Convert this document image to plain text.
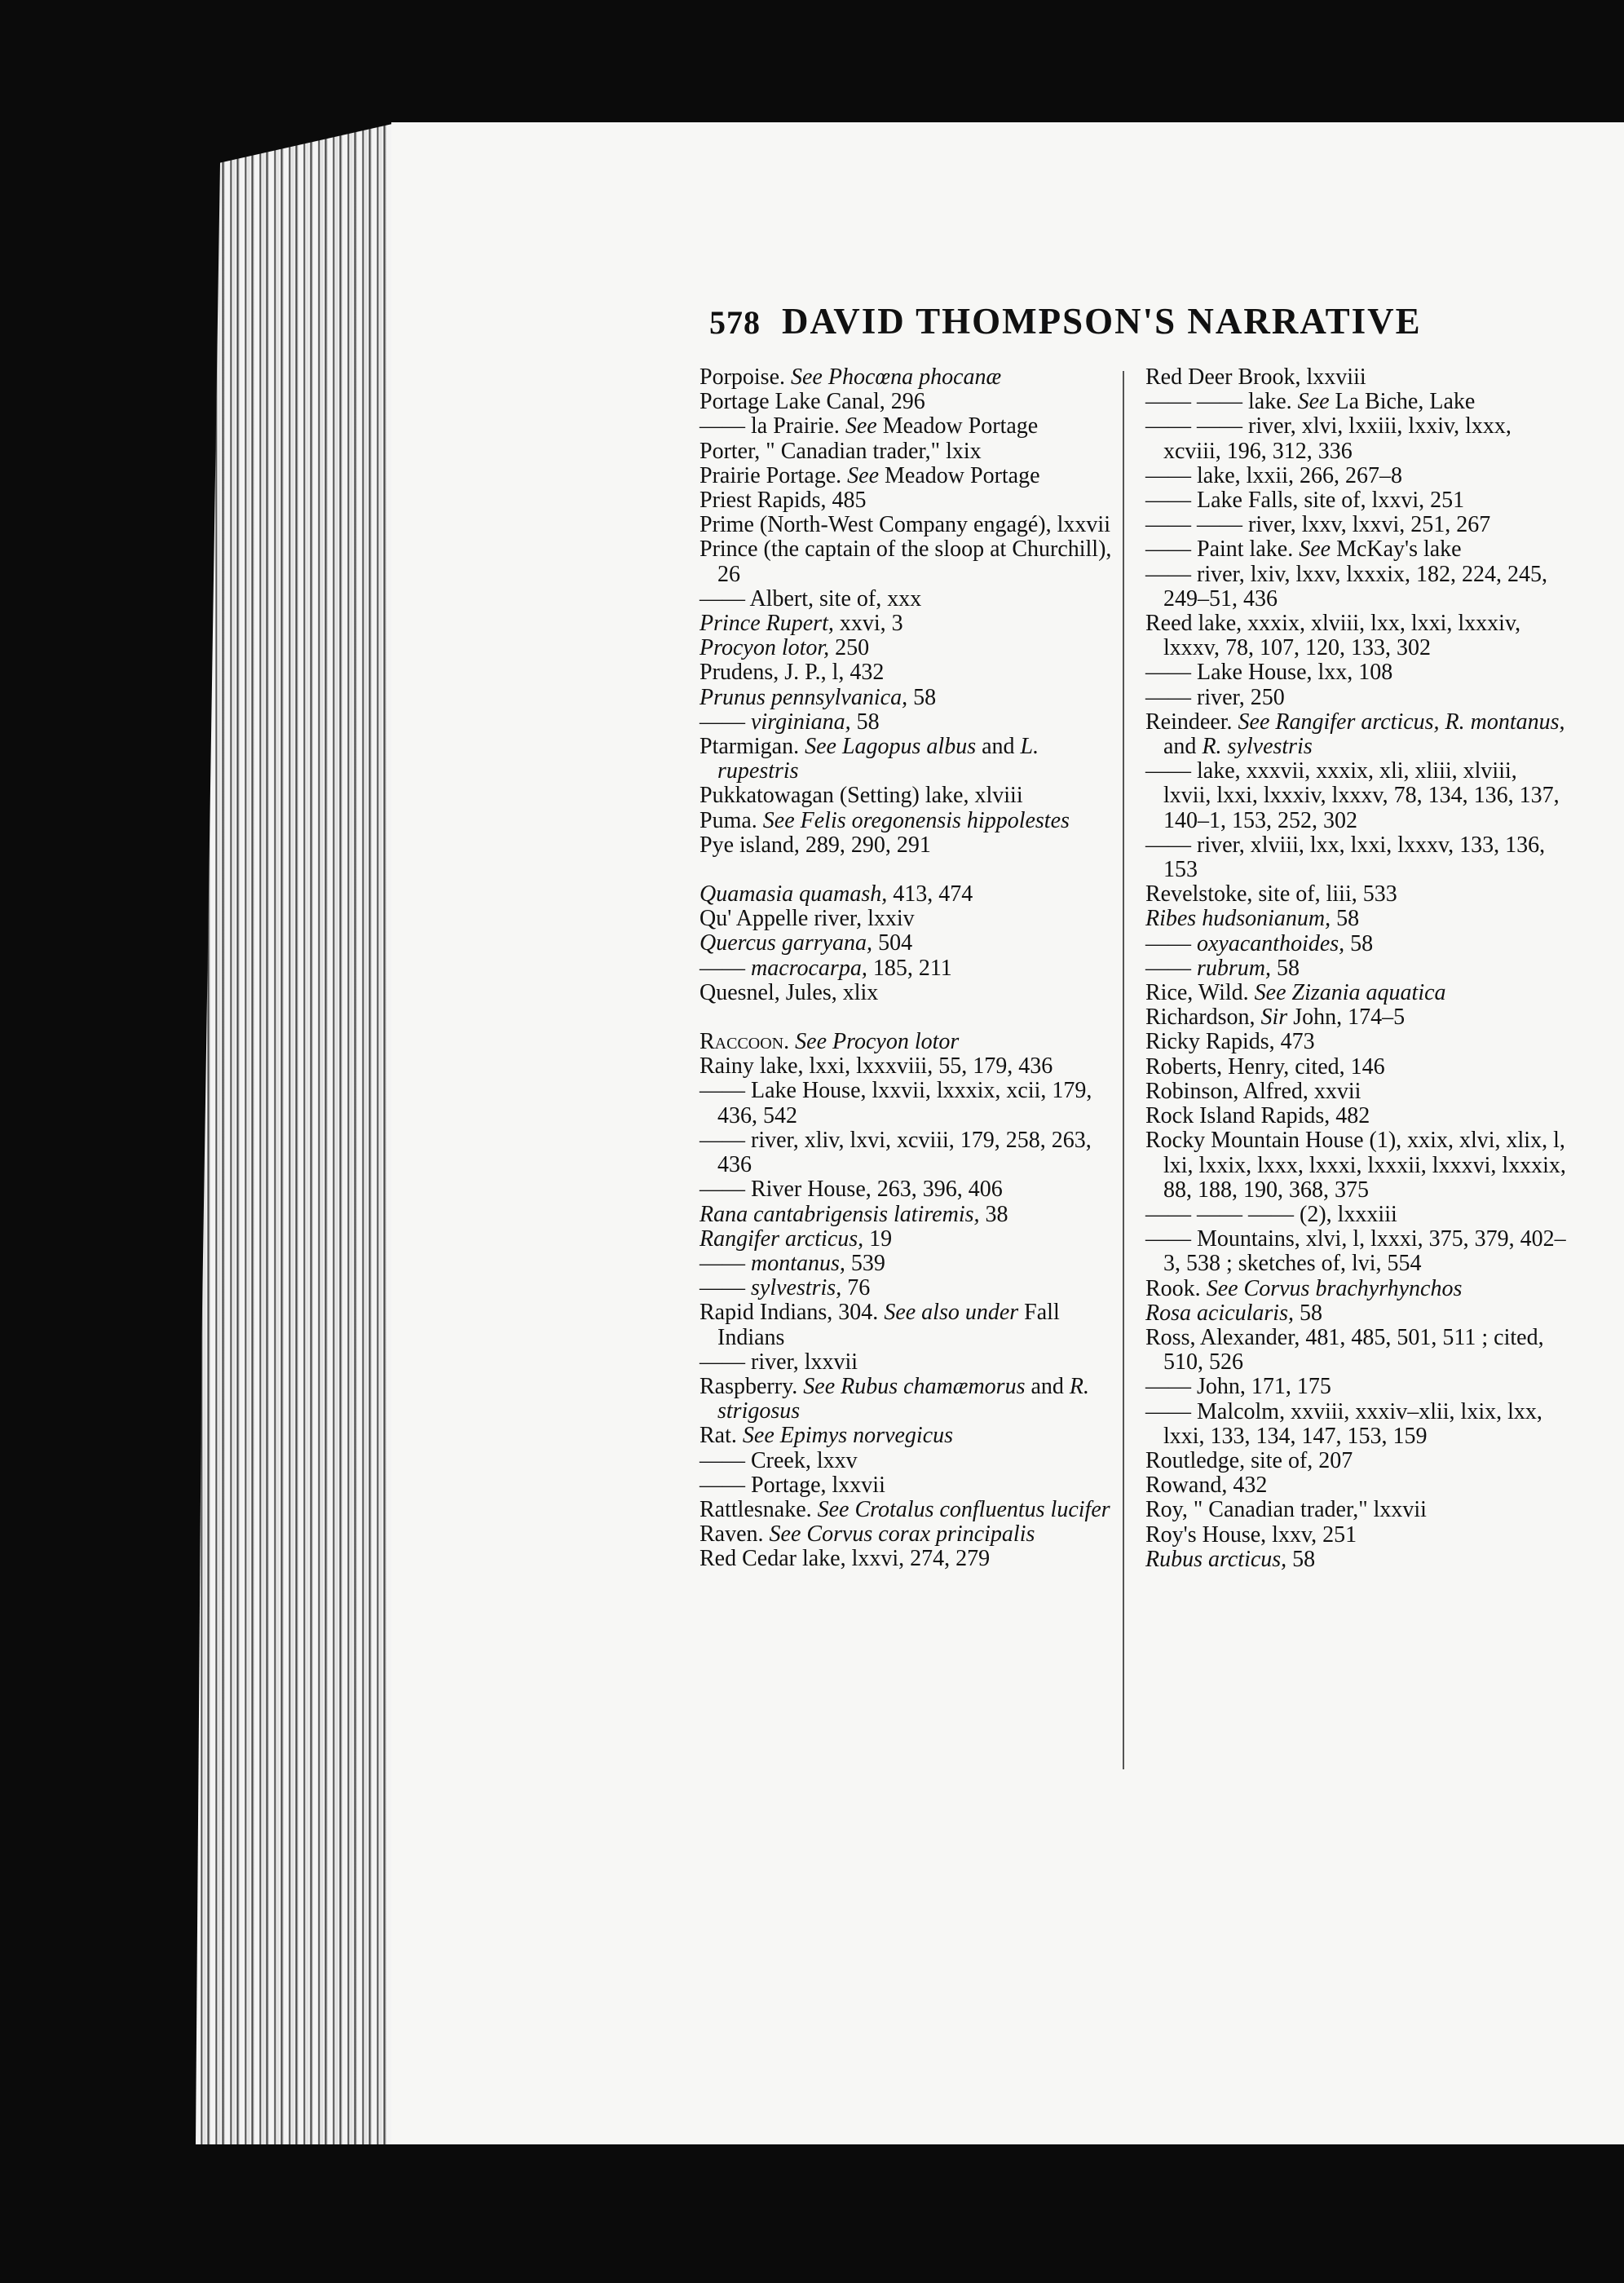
578 DAVID THOMPSON'S NARRATIVE
Porpoise. See Phocœna phocanæ
Portage Lake Canal, 296
—— la Prairie. See Meadow Portage
Porter, " Canadian trader," lxix
Prairie Portage. See Meadow Portage
Priest Rapids, 485
Prime (North-West Company engagé), lxxvii
Prince (the captain of the sloop at Churchill), 26
—— Albert, site of, xxx
Prince Rupert, xxvi, 3
Procyon lotor, 250
Prudens, J. P., l, 432
Prunus pennsylvanica, 58
—— virginiana, 58
Ptarmigan. See Lagopus albus and L. rupestris
Pukkatowagan (Setting) lake, xlviii
Puma. See Felis oregonensis hippolestes
Pye island, 289, 290, 291
Quamasia quamash, 413, 474
Qu' Appelle river, lxxiv
Quercus garryana, 504
—— macrocarpa, 185, 211
Quesnel, Jules, xlix
Raccoon. See Procyon lotor
Rainy lake, lxxi, lxxxviii, 55, 179, 436
—— Lake House, lxxvii, lxxxix, xcii, 179, 436, 542
—— river, xliv, lxvi, xcviii, 179, 258, 263, 436
—— River House, 263, 396, 406
Rana cantabrigensis latiremis, 38
Rangifer arcticus, 19
—— montanus, 539
—— sylvestris, 76
Rapid Indians, 304. See also under Fall Indians
—— river, lxxvii
Raspberry. See Rubus chamæmorus and R. strigosus
Rat. See Epimys norvegicus
—— Creek, lxxv
—— Portage, lxxvii
Rattlesnake. See Crotalus confluentus lucifer
Raven. See Corvus corax principalis
Red Cedar lake, lxxvi, 274, 279
Red Deer Brook, lxxviii
—— —— lake. See La Biche, Lake
—— —— river, xlvi, lxxiii, lxxiv, lxxx, xcviii, 196, 312, 336
—— lake, lxxii, 266, 267–8
—— Lake Falls, site of, lxxvi, 251
—— —— river, lxxv, lxxvi, 251, 267
—— Paint lake. See McKay's lake
—— river, lxiv, lxxv, lxxxix, 182, 224, 245, 249–51, 436
Reed lake, xxxix, xlviii, lxx, lxxi, lxxxiv, lxxxv, 78, 107, 120, 133, 302
—— Lake House, lxx, 108
—— river, 250
Reindeer. See Rangifer arcticus, R. montanus, and R. sylvestris
—— lake, xxxvii, xxxix, xli, xliii, xlviii, lxvii, lxxi, lxxxiv, lxxxv, 78, 134, 136, 137, 140–1, 153, 252, 302
—— river, xlviii, lxx, lxxi, lxxxv, 133, 136, 153
Revelstoke, site of, liii, 533
Ribes hudsonianum, 58
—— oxyacanthoides, 58
—— rubrum, 58
Rice, Wild. See Zizania aquatica
Richardson, Sir John, 174–5
Ricky Rapids, 473
Roberts, Henry, cited, 146
Robinson, Alfred, xxvii
Rock Island Rapids, 482
Rocky Mountain House (1), xxix, xlvi, xlix, l, lxi, lxxix, lxxx, lxxxi, lxxxii, lxxxvi, lxxxix, 88, 188, 190, 368, 375
—— —— —— (2), lxxxiii
—— Mountains, xlvi, l, lxxxi, 375, 379, 402–3, 538 ; sketches of, lvi, 554
Rook. See Corvus brachyrhynchos
Rosa acicularis, 58
Ross, Alexander, 481, 485, 501, 511 ; cited, 510, 526
—— John, 171, 175
—— Malcolm, xxviii, xxxiv–xlii, lxix, lxx, lxxi, 133, 134, 147, 153, 159
Routledge, site of, 207
Rowand, 432
Roy, " Canadian trader," lxxvii
Roy's House, lxxv, 251
Rubus arcticus, 58
